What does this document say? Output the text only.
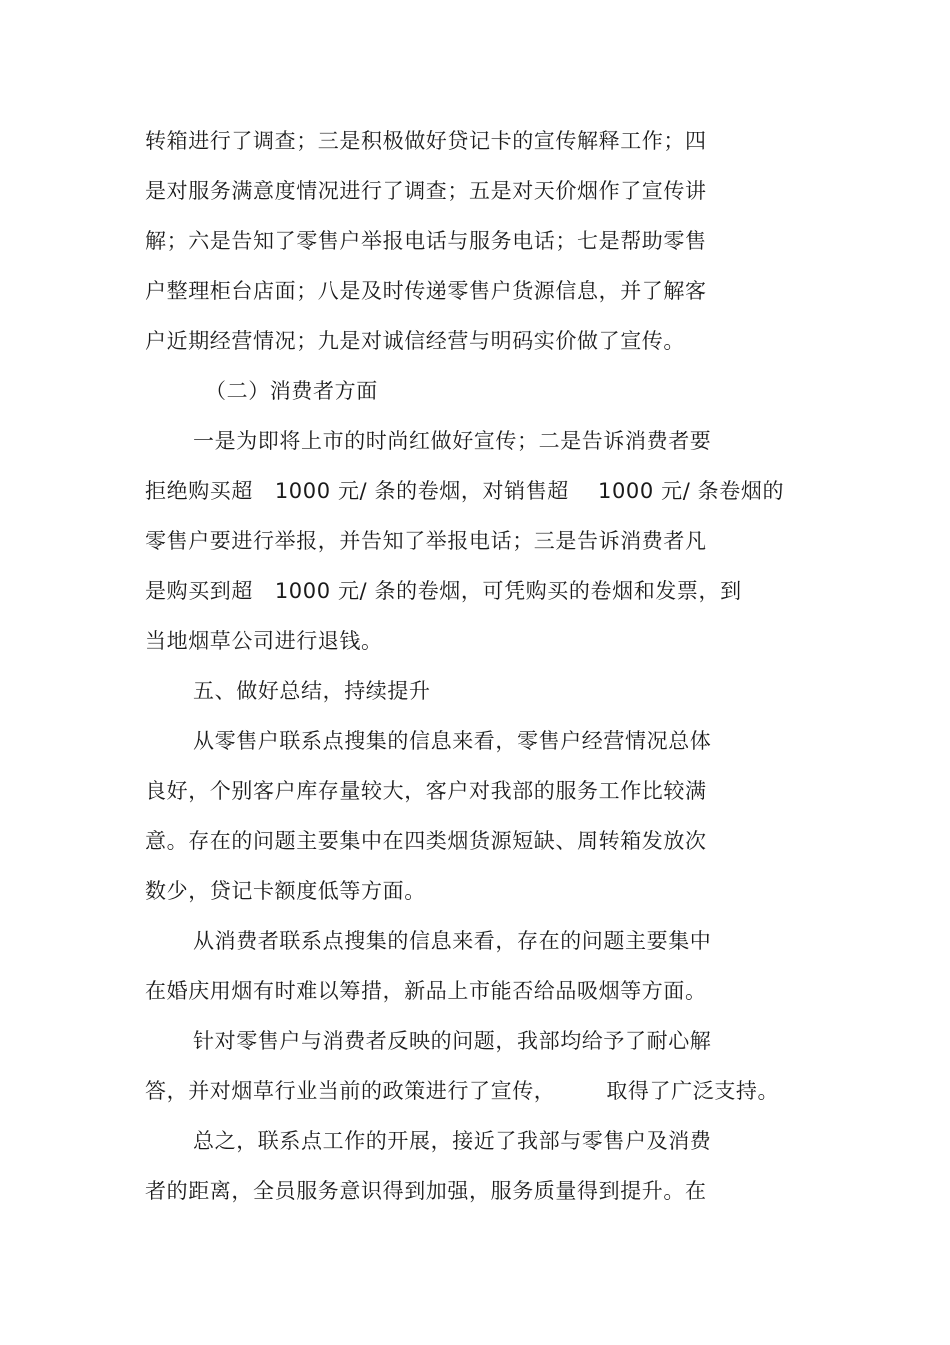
转箱进行了调查；三是积极做好贷记卡的宣传解释工作；四
是对服务满意度情况进行了调查；五是对天价烟作了宣传讲
解；六是告知了零售户举报电话与服务电话；七是帮助零售
户整理柜台店面；八是及时传递零售户货源信息，并了解客
户近期经营情况；九是对诚信经营与明码实价做了宣传。
（二）消费者方面
一是为即将上市的时尚红做好宣传；二是告诉消费者要
拒绝购买超   1000 元/ 条的卷烟，对销售超    1000 元/ 条卷烟的
零售户要进行举报，并告知了举报电话；三是告诉消费者凡
是购买到超   1000 元/ 条的卷烟，可凭购买的卷烟和发票，到
当地烟草公司进行退钱。
五、做好总结，持续提升
从零售户联系点搜集的信息来看，零售户经营情况总体
良好，个别客户库存量较大，客户对我部的服务工作比较满
意。存在的问题主要集中在四类烟货源短缺、周转箱发放次
数少，贷记卡额度低等方面。
从消费者联系点搜集的信息来看，存在的问题主要集中
在婚庆用烟有时难以筹措，新品上市能否给品吸烟等方面。
针对零售户与消费者反映的问题，我部均给予了耐心解
答，并对烟草行业当前的政策进行了宣传，       取得了广泛支持。
总之，联系点工作的开展，接近了我部与零售户及消费
者的距离，全员服务意识得到加强，服务质量得到提升。在
